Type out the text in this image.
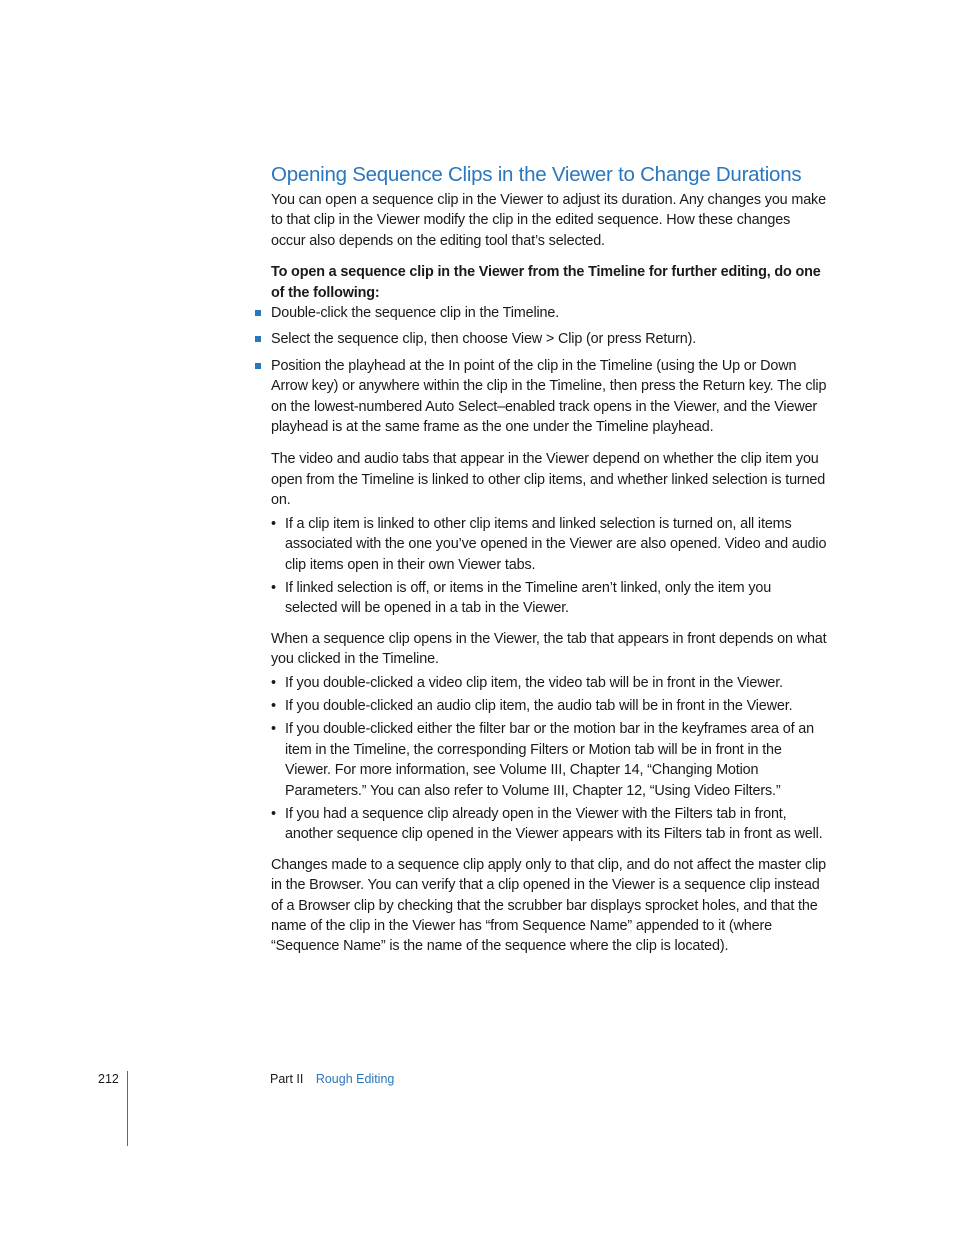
Opening Sequence Clips in the Viewer to Change Durations

You can open a sequence clip in the Viewer to adjust its duration. Any changes you make to that clip in the Viewer modify the clip in the edited sequence. How these changes occur also depends on the editing tool that’s selected.

To open a sequence clip in the Viewer from the Timeline for further editing, do one of the following:

Double-click the sequence clip in the Timeline.
Select the sequence clip, then choose View > Clip (or press Return).
Position the playhead at the In point of the clip in the Timeline (using the Up or Down Arrow key) or anywhere within the clip in the Timeline, then press the Return key. The clip on the lowest-numbered Auto Select–enabled track opens in the Viewer, and the Viewer playhead is at the same frame as the one under the Timeline playhead.

The video and audio tabs that appear in the Viewer depend on whether the clip item you open from the Timeline is linked to other clip items, and whether linked selection is turned on.

• If a clip item is linked to other clip items and linked selection is turned on, all items associated with the one you’ve opened in the Viewer are also opened. Video and audio clip items open in their own Viewer tabs.
• If linked selection is off, or items in the Timeline aren’t linked, only the item you selected will be opened in a tab in the Viewer.

When a sequence clip opens in the Viewer, the tab that appears in front depends on what you clicked in the Timeline.

• If you double-clicked a video clip item, the video tab will be in front in the Viewer.
• If you double-clicked an audio clip item, the audio tab will be in front in the Viewer.
• If you double-clicked either the filter bar or the motion bar in the keyframes area of an item in the Timeline, the corresponding Filters or Motion tab will be in front in the Viewer. For more information, see Volume III, Chapter 14, “Changing Motion Parameters.” You can also refer to Volume III, Chapter 12, “Using Video Filters.”
• If you had a sequence clip already open in the Viewer with the Filters tab in front, another sequence clip opened in the Viewer appears with its Filters tab in front as well.

Changes made to a sequence clip apply only to that clip, and do not affect the master clip in the Browser. You can verify that a clip opened in the Viewer is a sequence clip instead of a Browser clip by checking that the scrubber bar displays sprocket holes, and that the name of the clip in the Viewer has “from Sequence Name” appended to it (where “Sequence Name” is the name of the sequence where the clip is located).

212	Part II Rough Editing
